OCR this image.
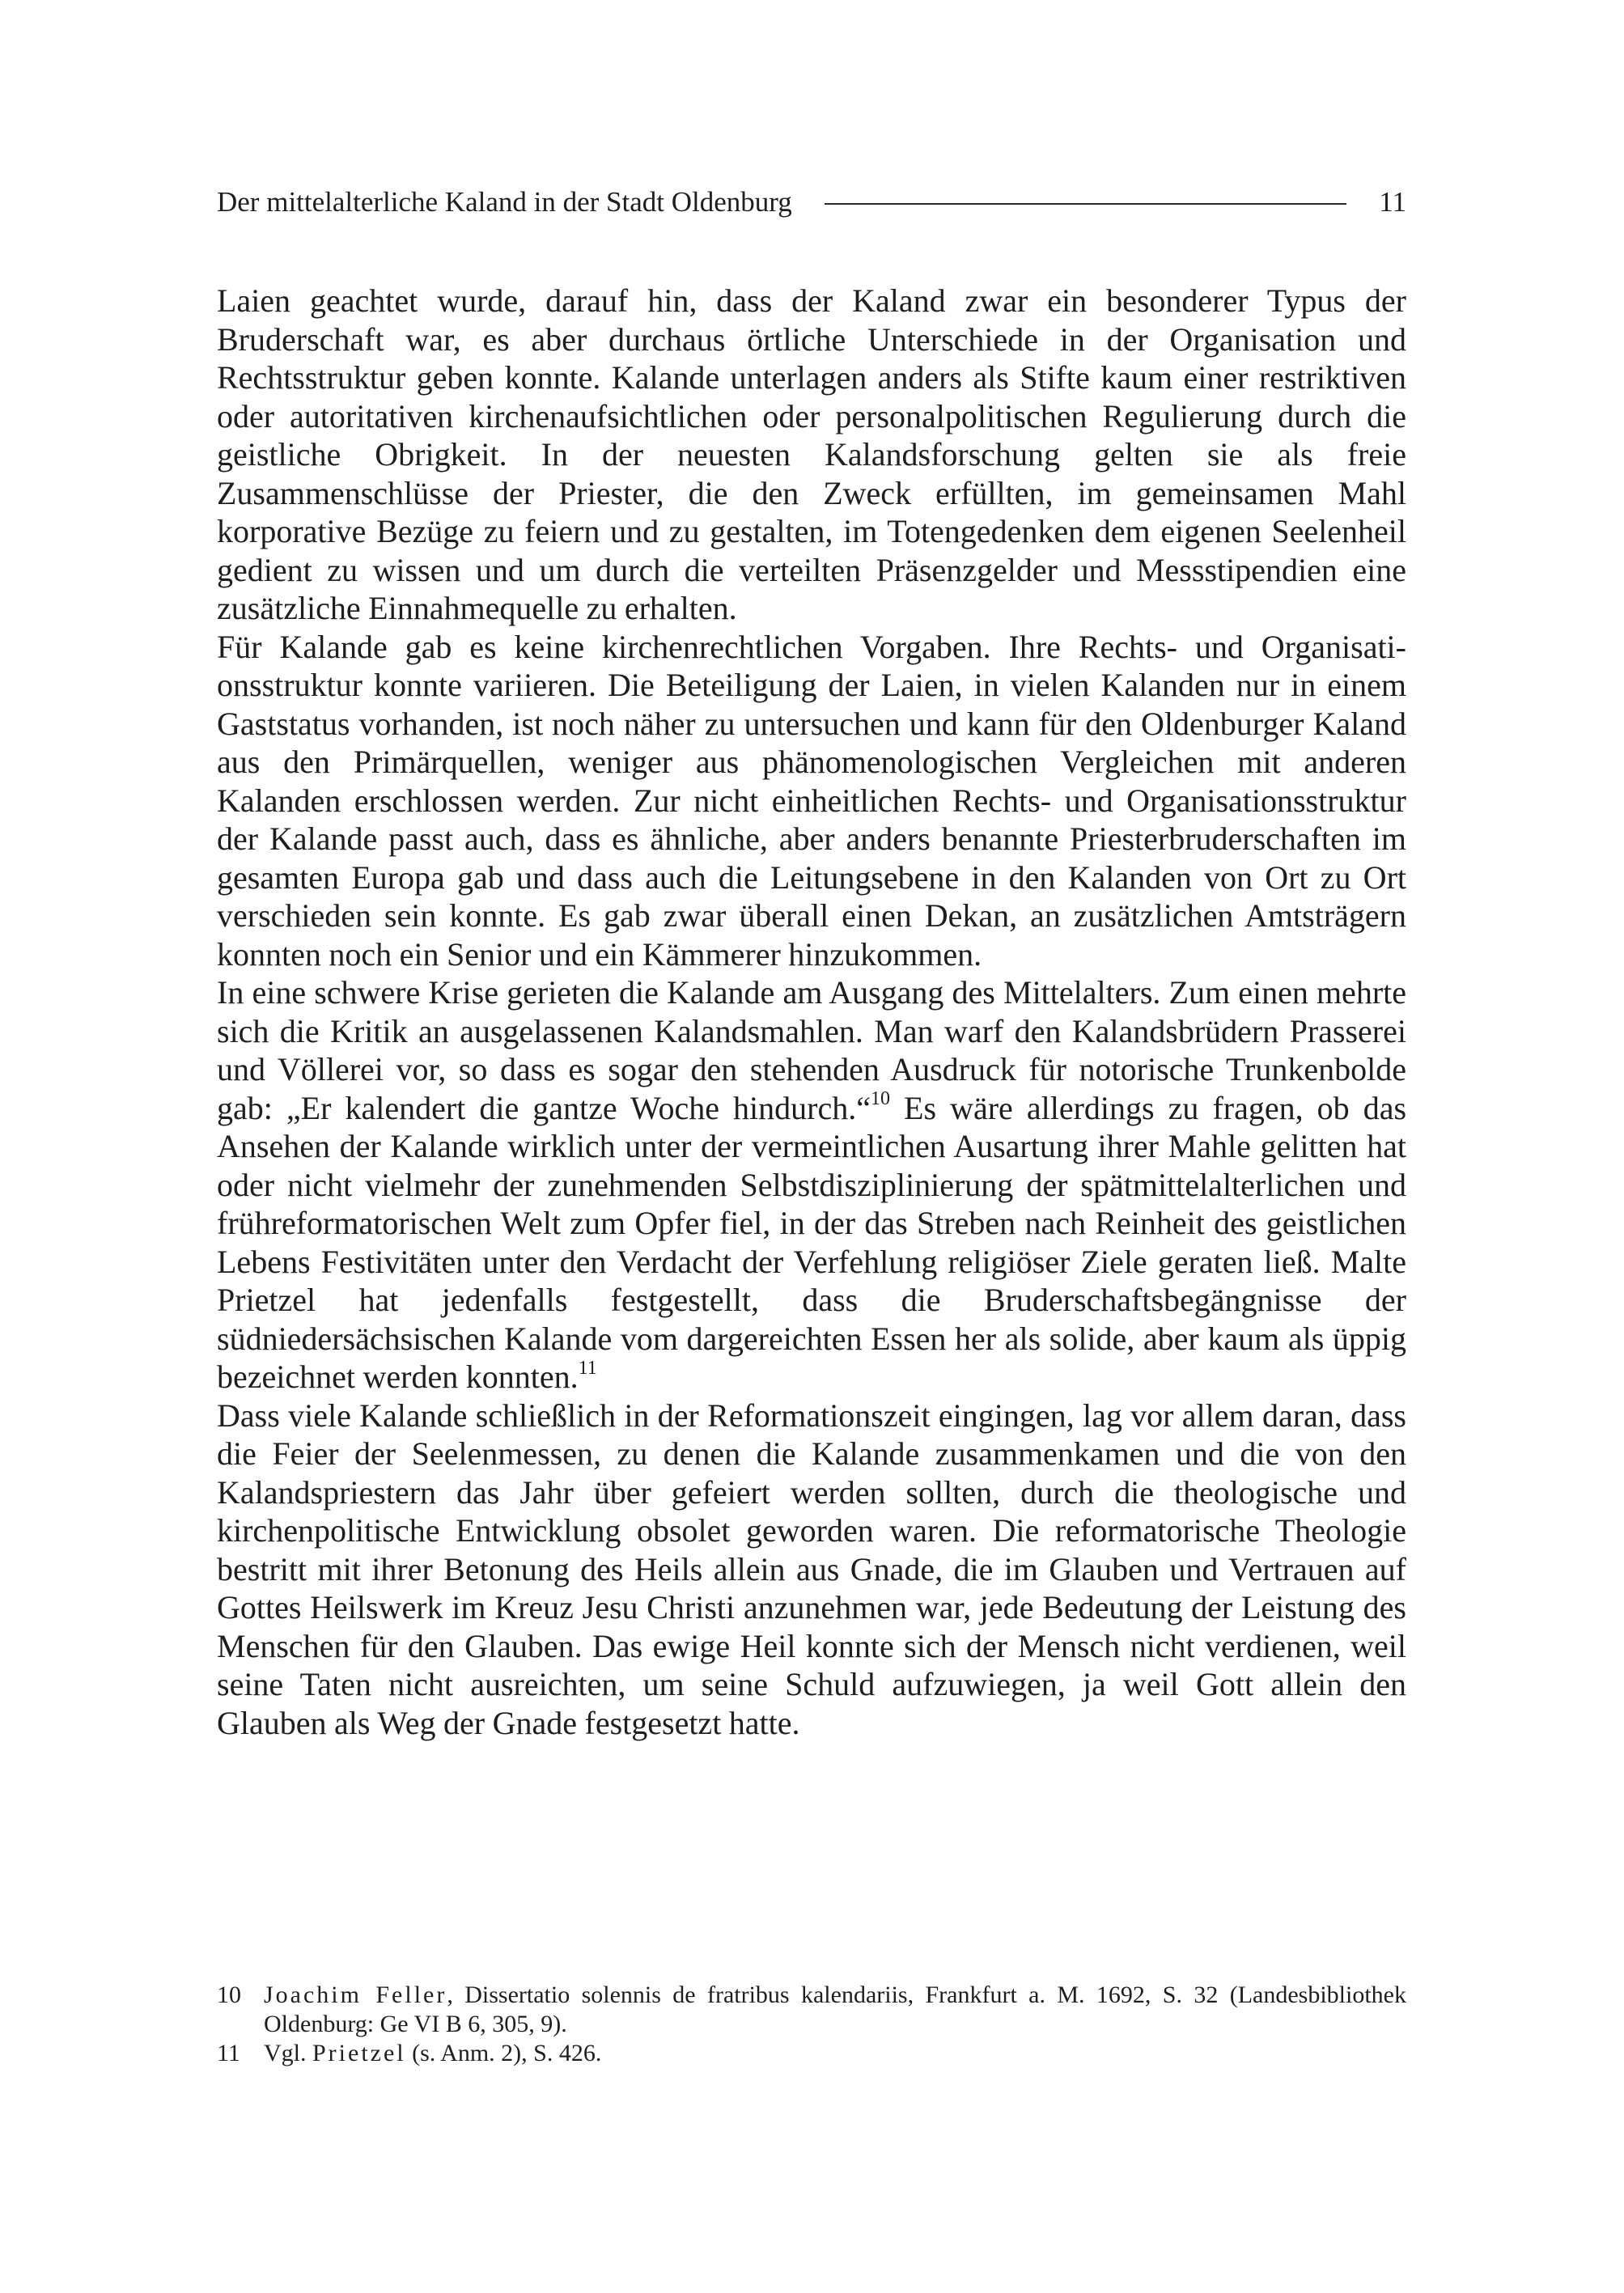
Der mittelalterliche Kaland in der Stadt Oldenburg	11

Laien geachtet wurde, darauf hin, dass der Kaland zwar ein besonderer Typus der Bruderschaft war, es aber durchaus örtliche Unterschiede in der Organisation und Rechtsstruktur geben konnte. Kalande unterlagen anders als Stifte kaum einer restriktiven oder autoritativen kirchenaufsichtlichen oder personalpolitischen Regulierung durch die geistliche Obrigkeit. In der neuesten Kalandsforschung gelten sie als freie Zusammenschlüsse der Priester, die den Zweck erfüllten, im gemeinsamen Mahl korporative Bezüge zu feiern und zu gestalten, im Totengedenken dem eigenen Seelenheil gedient zu wissen und um durch die verteilten Präsenzgelder und Messstipendien eine zusätzliche Einnahmequelle zu erhalten.

Für Kalande gab es keine kirchenrechtlichen Vorgaben. Ihre Rechts- und Organisationsstruktur konnte variieren. Die Beteiligung der Laien, in vielen Kalanden nur in einem Gaststatus vorhanden, ist noch näher zu untersuchen und kann für den Oldenburger Kaland aus den Primärquellen, weniger aus phänomenologischen Vergleichen mit anderen Kalanden erschlossen werden. Zur nicht einheitlichen Rechts- und Organisationsstruktur der Kalande passt auch, dass es ähnliche, aber anders benannte Priesterbruderschaften im gesamten Europa gab und dass auch die Leitungsebene in den Kalanden von Ort zu Ort verschieden sein konnte. Es gab zwar überall einen Dekan, an zusätzlichen Amtsträgern konnten noch ein Senior und ein Kämmerer hinzukommen.

In eine schwere Krise gerieten die Kalande am Ausgang des Mittelalters. Zum einen mehrte sich die Kritik an ausgelassenen Kalandsmahlen. Man warf den Kalandsbrüdern Prasserei und Völlerei vor, so dass es sogar den stehenden Ausdruck für notorische Trunkenbolde gab: „Er kalendert die gantze Woche hindurch.“$^{10}$ Es wäre allerdings zu fragen, ob das Ansehen der Kalande wirklich unter der vermeintlichen Ausartung ihrer Mahle gelitten hat oder nicht vielmehr der zunehmenden Selbstdisziplinierung der spätmittelalterlichen und frühreformatorischen Welt zum Opfer fiel, in der das Streben nach Reinheit des geistlichen Lebens Festivitäten unter den Verdacht der Verfehlung religiöser Ziele geraten ließ. Malte Prietzel hat jedenfalls festgestellt, dass die Bruderschaftsbegängnisse der südniedersächsischen Kalande vom dargereichten Essen her als solide, aber kaum als üppig bezeichnet werden konnten.$^{11}$

Dass viele Kalande schließlich in der Reformationszeit eingingen, lag vor allem daran, dass die Feier der Seelenmessen, zu denen die Kalande zusammenkamen und die von den Kalandspriestern das Jahr über gefeiert werden sollten, durch die theologische und kirchenpolitische Entwicklung obsolet geworden waren. Die reformatorische Theologie bestritt mit ihrer Betonung des Heils allein aus Gnade, die im Glauben und Vertrauen auf Gottes Heilswerk im Kreuz Jesu Christi anzunehmen war, jede Bedeutung der Leistung des Menschen für den Glauben. Das ewige Heil konnte sich der Mensch nicht verdienen, weil seine Taten nicht ausreichten, um seine Schuld aufzuwiegen, ja weil Gott allein den Glauben als Weg der Gnade festgesetzt hatte.

10 Joachim Feller, Dissertatio solennis de fratribus kalendariis, Frankfurt a. M. 1692, S. 32 (Landesbibliothek Oldenburg: Ge VI B 6, 305, 9).

11 Vgl. Prietzel (s. Anm. 2), S. 426.
